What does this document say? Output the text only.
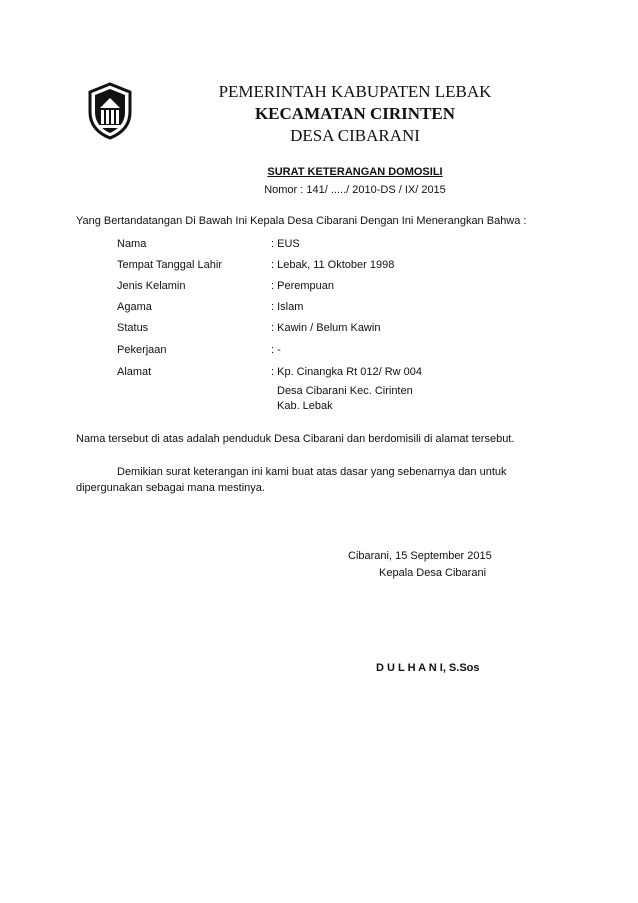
PEMERINTAH KABUPATEN LEBAK
KECAMATAN CIRINTEN
DESA CIBARANI
SURAT KETERANGAN DOMOSILI
Nomor : 141/ ...../ 2010-DS / IX/ 2015
Yang Bertandatangan Di Bawah Ini Kepala Desa Cibarani Dengan Ini Menerangkan Bahwa :
Nama	: EUS
Tempat Tanggal Lahir	: Lebak, 11 Oktober 1998
Jenis Kelamin	: Perempuan
Agama	: Islam
Status	: Kawin / Belum Kawin
Pekerjaan	: -
Alamat	: Kp. Cinangka Rt 012/ Rw 004
Desa Cibarani Kec. Cirinten
Kab. Lebak
Nama tersebut di atas adalah penduduk Desa Cibarani dan berdomisili di alamat tersebut.
Demikian surat keterangan ini kami buat atas dasar yang sebenarnya dan untuk
dipergunakan sebagai mana mestinya.
Cibarani, 15 September 2015
Kepala Desa Cibarani
D U L H A N I, S.Sos
